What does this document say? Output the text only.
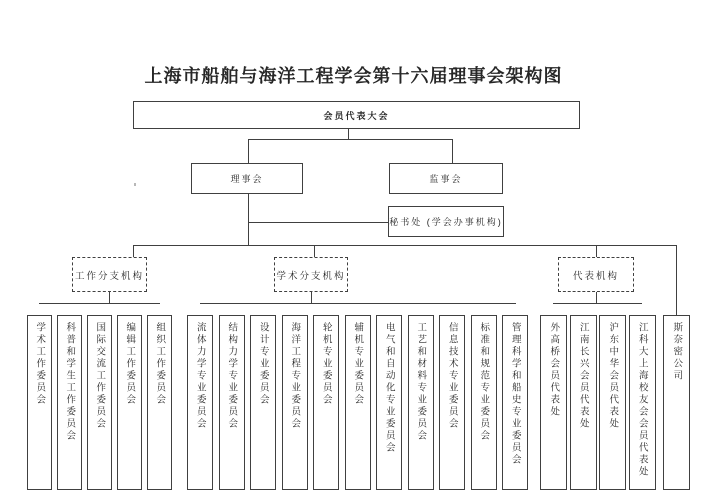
上海市船舶与海洋工程学会第十六届理事会架构图
会员代表大会
理事会	监事会
秘书处 (学会办事机构)
工作分支机构	学术分支机构	代表机构
学术工作委员会 科普和学生工作委员会 国际交流工作委员会 编辑工作委员会 组织工作委员会	流体力学专业委员会 结构力学专业委员会 设计专业委员会 海洋工程专业委员会 轮机专业委员会 辅机专业委员会 电气和自动化专业委员会 工艺和材料专业委员会 信息技术专业委员会 标准和规范专业委员会 管理科学和船史专业委员会	外高桥会员代表处 江南长兴会员代表处 沪东中华会员代表处 江科大上海校友会会员代表处 斯奈密公司
